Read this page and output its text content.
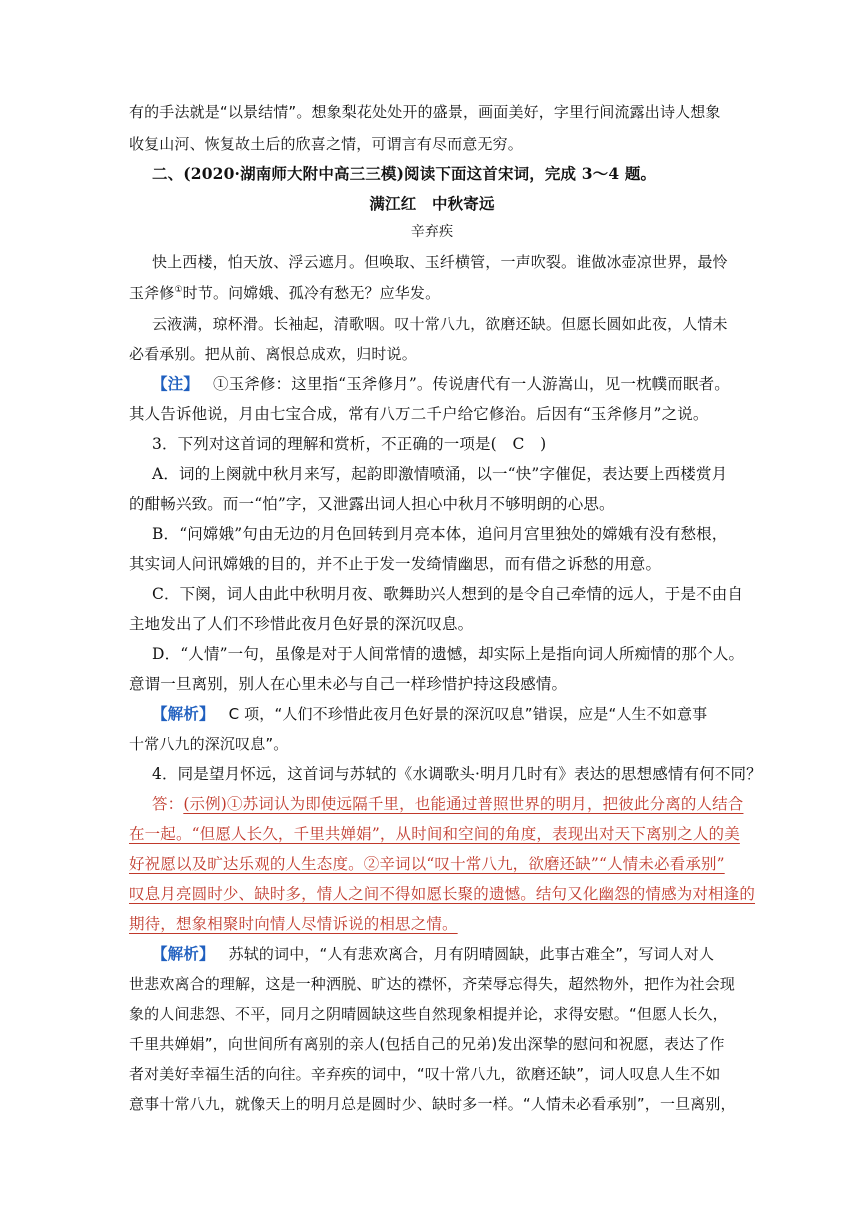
有的手法就是“以景结情”。想象梨花处处开的盛景，画面美好，字里行间流露出诗人想象
收复山河、恢复故土后的欣喜之情，可谓言有尽而意无穷。
二、(2020·湖南师大附中高三三模)阅读下面这首宋词，完成 3～4 题。
满江红　中秋寄远
辛弃疾
快上西楼，怕天放、浮云遮月。但唤取、玉纤横管，一声吹裂。谁做冰壶凉世界，最怜
玉斧修①时节。问嫦娥、孤冷有愁无？应华发。
云液满，琼杯滑。长袖起，清歌咽。叹十常八九，欲磨还缺。但愿长圆如此夜，人情未
必看承别。把从前、离恨总成欢，归时说。
【注】 ①玉斧修：这里指“玉斧修月”。传说唐代有一人游嵩山，见一枕幞而眠者。
其人告诉他说，月由七宝合成，常有八万二千户给它修治。后因有“玉斧修月”之说。
3．下列对这首词的理解和赏析，不正确的一项是(　C　)
A．词的上阕就中秋月来写，起韵即激情喷涌，以一“快”字催促，表达要上西楼赏月
的酣畅兴致。而一“怕”字，又泄露出词人担心中秋月不够明朗的心思。
B．“问嫦娥”句由无边的月色回转到月亮本体，追问月宫里独处的嫦娥有没有愁根，
其实词人问讯嫦娥的目的，并不止于发一发绮情幽思，而有借之诉愁的用意。
C．下阕，词人由此中秋明月夜、歌舞助兴人想到的是令自己牵情的远人，于是不由自
主地发出了人们不珍惜此夜月色好景的深沉叹息。
D．“人情”一句，虽像是对于人间常情的遗憾，却实际上是指向词人所痴情的那个人。
意谓一旦离别，别人在心里未必与自己一样珍惜护持这段感情。
【解析】 C 项，“人们不珍惜此夜月色好景的深沉叹息”错误，应是“人生不如意事
十常八九的深沉叹息”。
4．同是望月怀远，这首词与苏轼的《水调歌头·明月几时有》表达的思想感情有何不同？
答：(示例)①苏词认为即使远隔千里，也能通过普照世界的明月，把彼此分离的人结合
在一起。“但愿人长久，千里共婵娟”，从时间和空间的角度，表现出对天下离别之人的美
好祝愿以及旷达乐观的人生态度。②辛词以“叹十常八九，欲磨还缺”“人情未必看承别”
叹息月亮圆时少、缺时多，情人之间不得如愿长聚的遗憾。结句又化幽怨的情感为对相逢的
期待，想象相聚时向情人尽情诉说的相思之情。
【解析】 苏轼的词中，“人有悲欢离合，月有阴晴圆缺，此事古难全”，写词人对人
世悲欢离合的理解，这是一种洒脱、旷达的襟怀，齐荣辱忘得失，超然物外，把作为社会现
象的人间悲怨、不平，同月之阴晴圆缺这些自然现象相提并论，求得安慰。“但愿人长久，
千里共婵娟”，向世间所有离别的亲人(包括自己的兄弟)发出深挚的慰问和祝愿，表达了作
者对美好幸福生活的向往。辛弃疾的词中，“叹十常八九，欲磨还缺”，词人叹息人生不如
意事十常八九，就像天上的明月总是圆时少、缺时多一样。“人情未必看承别”，一旦离别，
